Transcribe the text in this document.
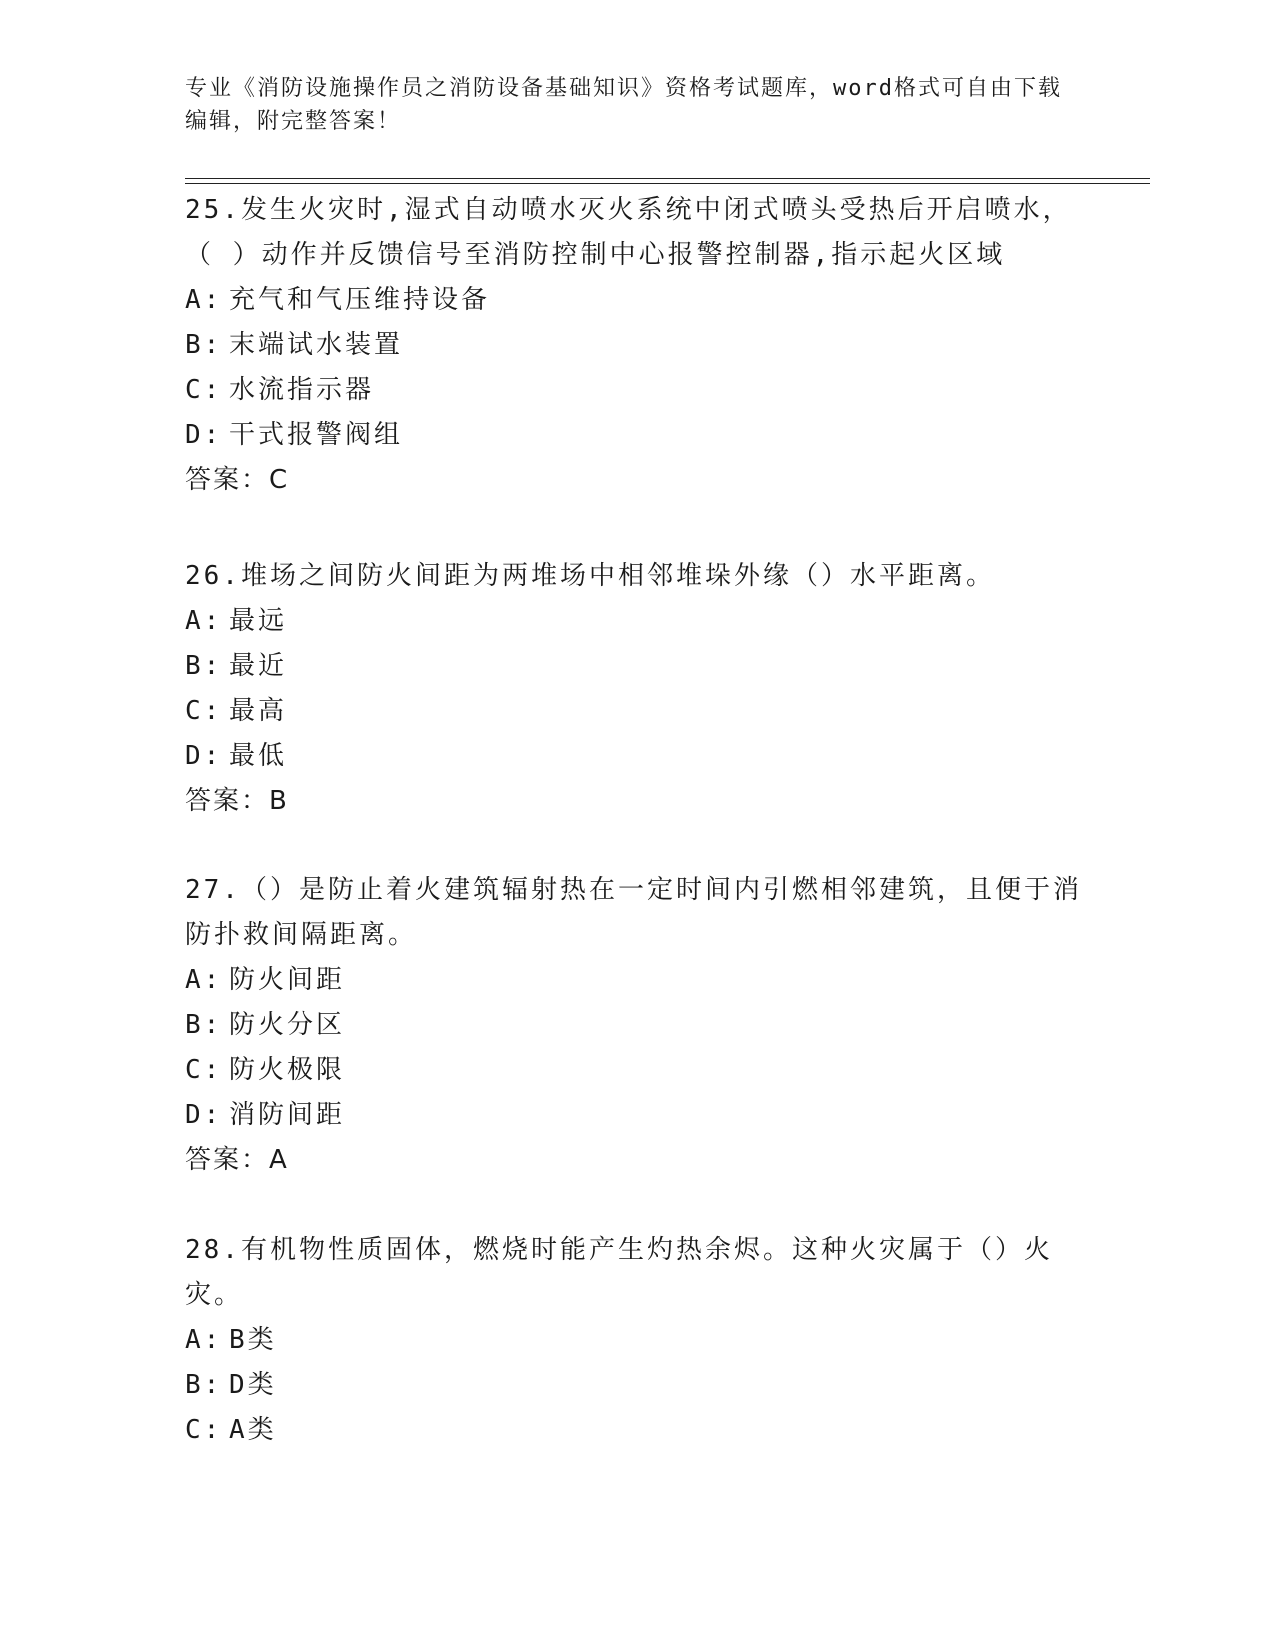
专业《消防设施操作员之消防设备基础知识》资格考试题库，word格式可自由下载编辑，附完整答案！
25.发生火灾时,湿式自动喷水灭火系统中闭式喷头受热后开启喷水，（ ）动作并反馈信号至消防控制中心报警控制器,指示起火区域
A: 充气和气压维持设备
B: 末端试水装置
C: 水流指示器
D: 干式报警阀组
答案：C
26.堆场之间防火间距为两堆场中相邻堆垛外缘（）水平距离。
A: 最远
B: 最近
C: 最高
D: 最低
答案：B
27.（）是防止着火建筑辐射热在一定时间内引燃相邻建筑，且便于消防扑救间隔距离。
A: 防火间距
B: 防火分区
C: 防火极限
D: 消防间距
答案：A
28.有机物性质固体，燃烧时能产生灼热余烬。这种火灾属于（）火灾。
A: B类
B: D类
C: A类
